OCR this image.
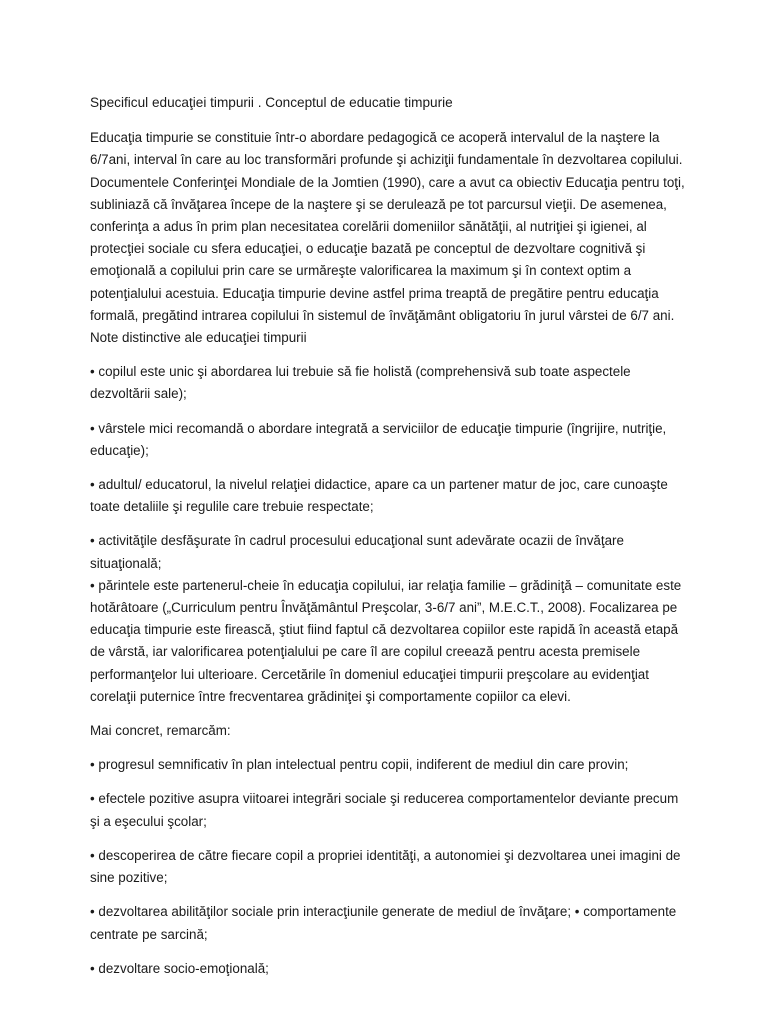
Specificul educaţiei timpurii . Conceptul de educatie timpurie

Educaţia timpurie se constituie într-o abordare pedagogică ce acoperă intervalul de la naştere la 6/7ani, interval în care au loc transformări profunde şi achiziţii fundamentale în dezvoltarea copilului. Documentele Conferinţei Mondiale de la Jomtien (1990), care a avut ca obiectiv Educaţia pentru toţi, subliniază că învăţarea începe de la naştere şi se derulează pe tot parcursul vieţii. De asemenea, conferinţa a adus în prim plan necesitatea corelării domeniilor sănătăţii, al nutriţiei şi igienei, al protecţiei sociale cu sfera educaţiei, o educaţie bazată pe conceptul de dezvoltare cognitivă şi emoţională a copilului prin care se urmăreşte valorificarea la maximum şi în context optim a potenţialului acestuia. Educaţia timpurie devine astfel prima treaptă de pregătire pentru educaţia formală, pregătind intrarea copilului în sistemul de învăţământ obligatoriu în jurul vârstei de 6/7 ani.
Note distinctive ale educaţiei timpurii

• copilul este unic şi abordarea lui trebuie să fie holistă (comprehensivă sub toate aspectele dezvoltării sale);

• vârstele mici recomandă o abordare integrată a serviciilor de educaţie timpurie (îngrijire, nutriţie, educaţie);

• adultul/ educatorul, la nivelul relaţiei didactice, apare ca un partener matur de joc, care cunoaşte toate detaliile şi regulile care trebuie respectate;

• activităţile desfăşurate în cadrul procesului educaţional sunt adevărate ocazii de învăţare situaţională;

• părintele este partenerul-cheie în educaţia copilului, iar relaţia familie – grădiniţă – comunitate este hotărâtoare („Curriculum pentru Învăţământul Preşcolar, 3-6/7 ani”, M.E.C.T., 2008). Focalizarea pe educaţia timpurie este firească, ştiut fiind faptul că dezvoltarea copiilor este rapidă în această etapă de vârstă, iar valorificarea potenţialului pe care îl are copilul creează pentru acesta premisele performanţelor lui ulterioare. Cercetările în domeniul educaţiei timpurii preşcolare au evidenţiat corelaţii puternice între frecventarea grădiniţei şi comportamente copiilor ca elevi.

Mai concret, remarcăm:

• progresul semnificativ în plan intelectual pentru copii, indiferent de mediul din care provin;

• efectele pozitive asupra viitoarei integrări sociale şi reducerea comportamentelor deviante precum şi a eşecului şcolar;

• descoperirea de către fiecare copil a propriei identităţi, a autonomiei şi dezvoltarea unei imagini de sine pozitive;

• dezvoltarea abilităţilor sociale prin interacţiunile generate de mediul de învăţare; • comportamente centrate pe sarcină;

• dezvoltare socio-emoţională;
